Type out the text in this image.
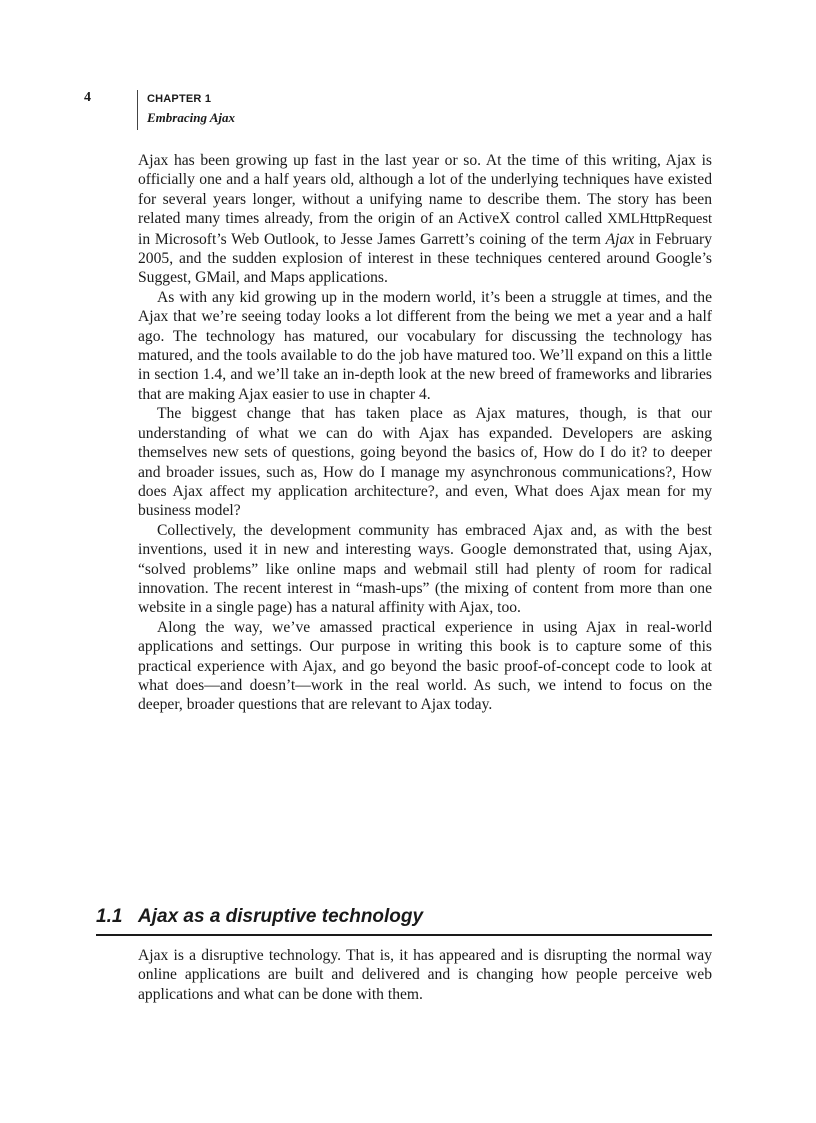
4	CHAPTER 1
Embracing Ajax

Ajax has been growing up fast in the last year or so. At the time of this writing, Ajax is officially one and a half years old, although a lot of the underlying techniques have existed for several years longer, without a unifying name to describe them. The story has been related many times already, from the origin of an ActiveX control called XMLHttpRequest in Microsoft’s Web Outlook, to Jesse James Garrett’s coining of the term Ajax in February 2005, and the sudden explosion of interest in these techniques centered around Google’s Suggest, GMail, and Maps applications.

As with any kid growing up in the modern world, it’s been a struggle at times, and the Ajax that we’re seeing today looks a lot different from the being we met a year and a half ago. The technology has matured, our vocabulary for discussing the technology has matured, and the tools available to do the job have matured too. We’ll expand on this a little in section 1.4, and we’ll take an in-depth look at the new breed of frameworks and libraries that are making Ajax easier to use in chapter 4.

The biggest change that has taken place as Ajax matures, though, is that our understanding of what we can do with Ajax has expanded. Developers are asking themselves new sets of questions, going beyond the basics of, How do I do it? to deeper and broader issues, such as, How do I manage my asynchronous communications?, How does Ajax affect my application architecture?, and even, What does Ajax mean for my business model?

Collectively, the development community has embraced Ajax and, as with the best inventions, used it in new and interesting ways. Google demonstrated that, using Ajax, “solved problems” like online maps and webmail still had plenty of room for radical innovation. The recent interest in “mash-ups” (the mixing of content from more than one website in a single page) has a natural affinity with Ajax, too.

Along the way, we’ve amassed practical experience in using Ajax in real-world applications and settings. Our purpose in writing this book is to capture some of this practical experience with Ajax, and go beyond the basic proof-of-concept code to look at what does—and doesn’t—work in the real world. As such, we intend to focus on the deeper, broader questions that are relevant to Ajax today.

1.1 Ajax as a disruptive technology

Ajax is a disruptive technology. That is, it has appeared and is disrupting the normal way online applications are built and delivered and is changing how people perceive web applications and what can be done with them.
